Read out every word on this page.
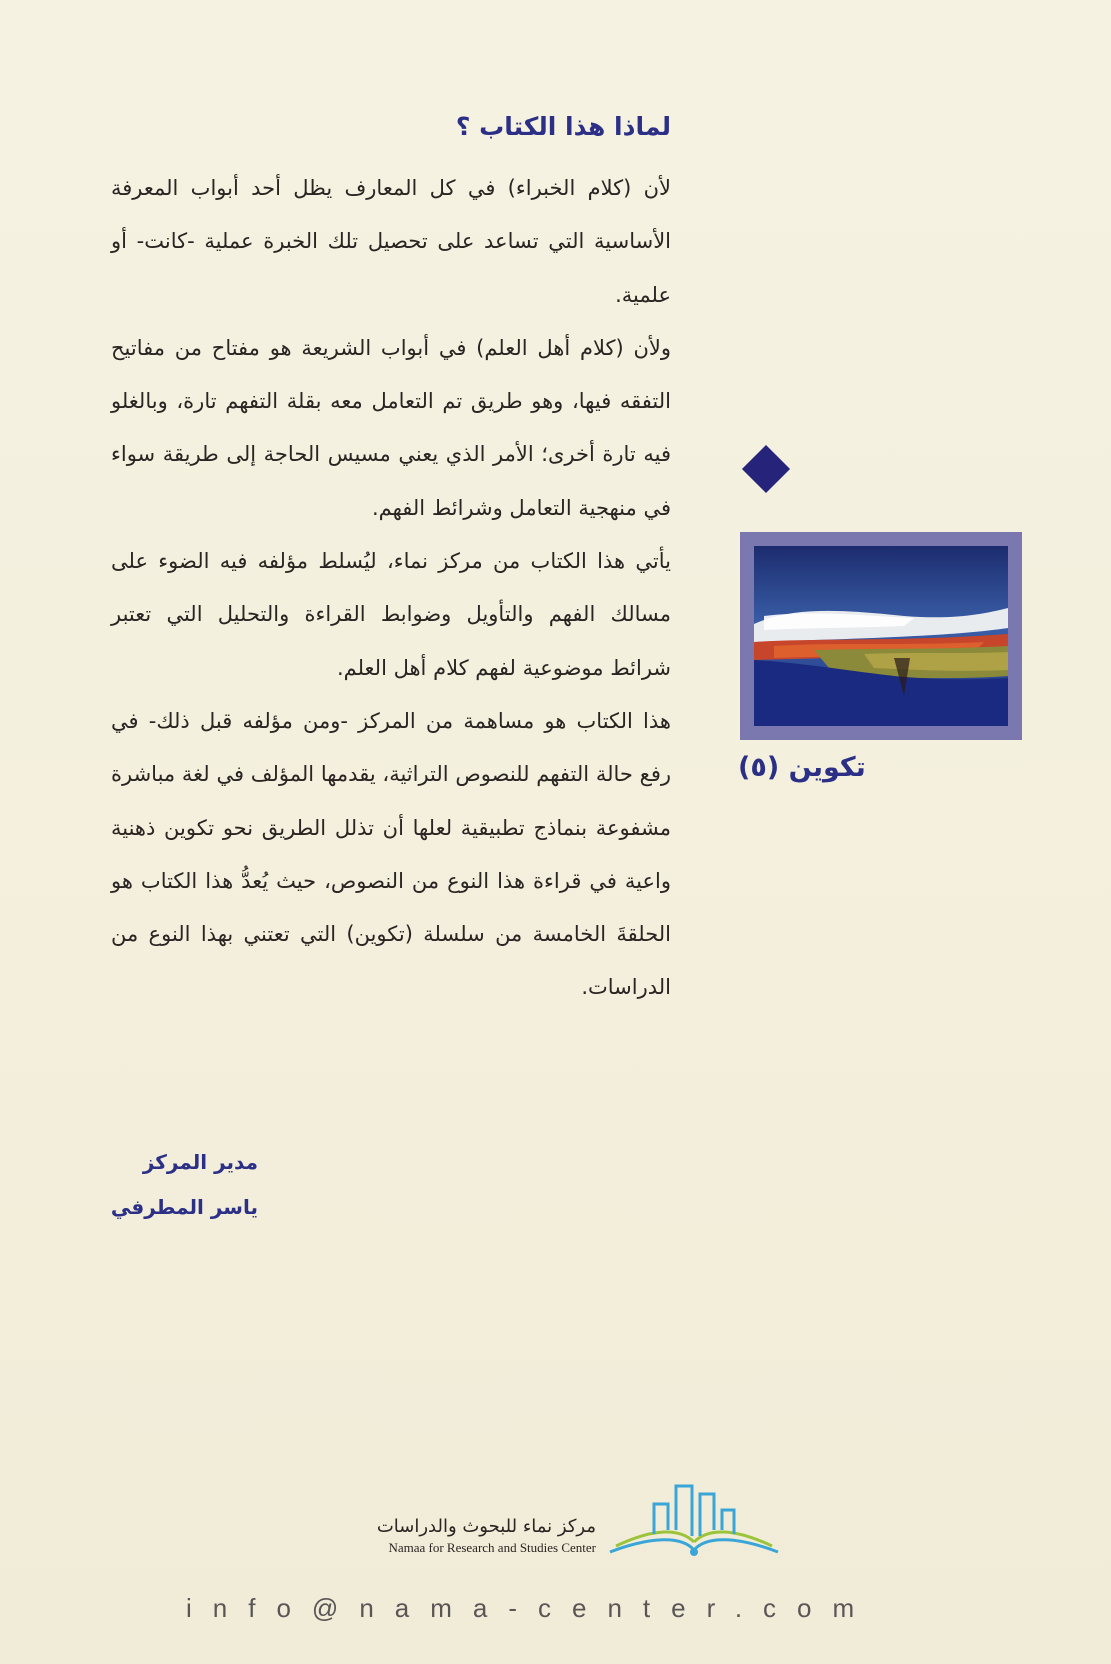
لماذا هذا الكتاب ؟

لأن (كلام الخبراء) في كل المعارف يظل أحد أبواب المعرفة الأساسية التي تساعد على تحصيل تلك الخبرة عملية -كانت- أو علمية.

ولأن (كلام أهل العلم) في أبواب الشريعة هو مفتاح من مفاتيح التفقه فيها، وهو طريق تم التعامل معه بقلة التفهم تارة، وبالغلو فيه تارة أخرى؛ الأمر الذي يعني مسيس الحاجة إلى طريقة سواء في منهجية التعامل وشرائط الفهم.

يأتي هذا الكتاب من مركز نماء، ليُسلط مؤلفه فيه الضوء على مسالك الفهم والتأويل وضوابط القراءة والتحليل التي تعتبر شرائط موضوعية لفهم كلام أهل العلم.

هذا الكتاب هو مساهمة من المركز -ومن مؤلفه قبل ذلك- في رفع حالة التفهم للنصوص التراثية، يقدمها المؤلف في لغة مباشرة مشفوعة بنماذج تطبيقية لعلها أن تذلل الطريق نحو تكوين ذهنية واعية في قراءة هذا النوع من النصوص، حيث يُعدُّ هذا الكتاب هو الحلقةَ الخامسة من سلسلة (تكوين) التي تعتني بهذا النوع من الدراسات.

تكوين (٥)
مدير المركز
ياسر المطرفي
مركز نماء للبحوث والدراسات
Namaa for Research and Studies Center
info@nama-center.com
